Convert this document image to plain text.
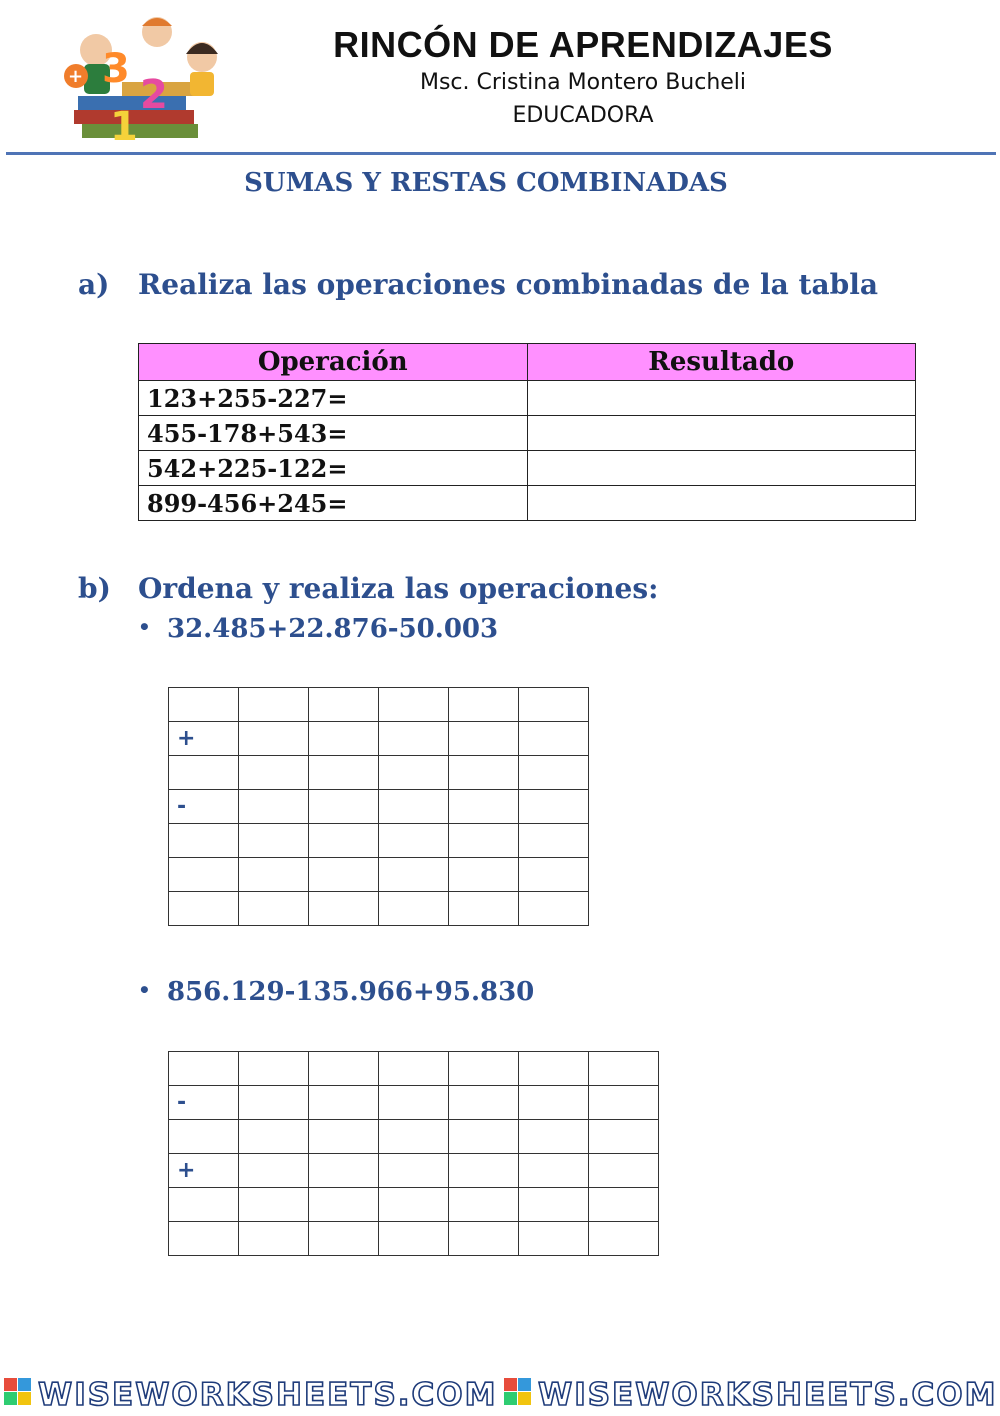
3
2
1
+
RINCÓN DE APRENDIZAJES
Msc. Cristina Montero Bucheli
EDUCADORA
SUMAS Y RESTAS COMBINADAS
a) Realiza las operaciones combinadas de la tabla
Operación	Resultado
123+255-227=	
455-178+543=	
542+225-122=	
899-456+245=	
b) Ordena y realiza las operaciones:
• 32.485+22.876-50.003

+					

-					

• 856.129-135.966+95.830

-						

+						

WISEWORKSHEETS.COM WISEWORKSHEETS.COM
